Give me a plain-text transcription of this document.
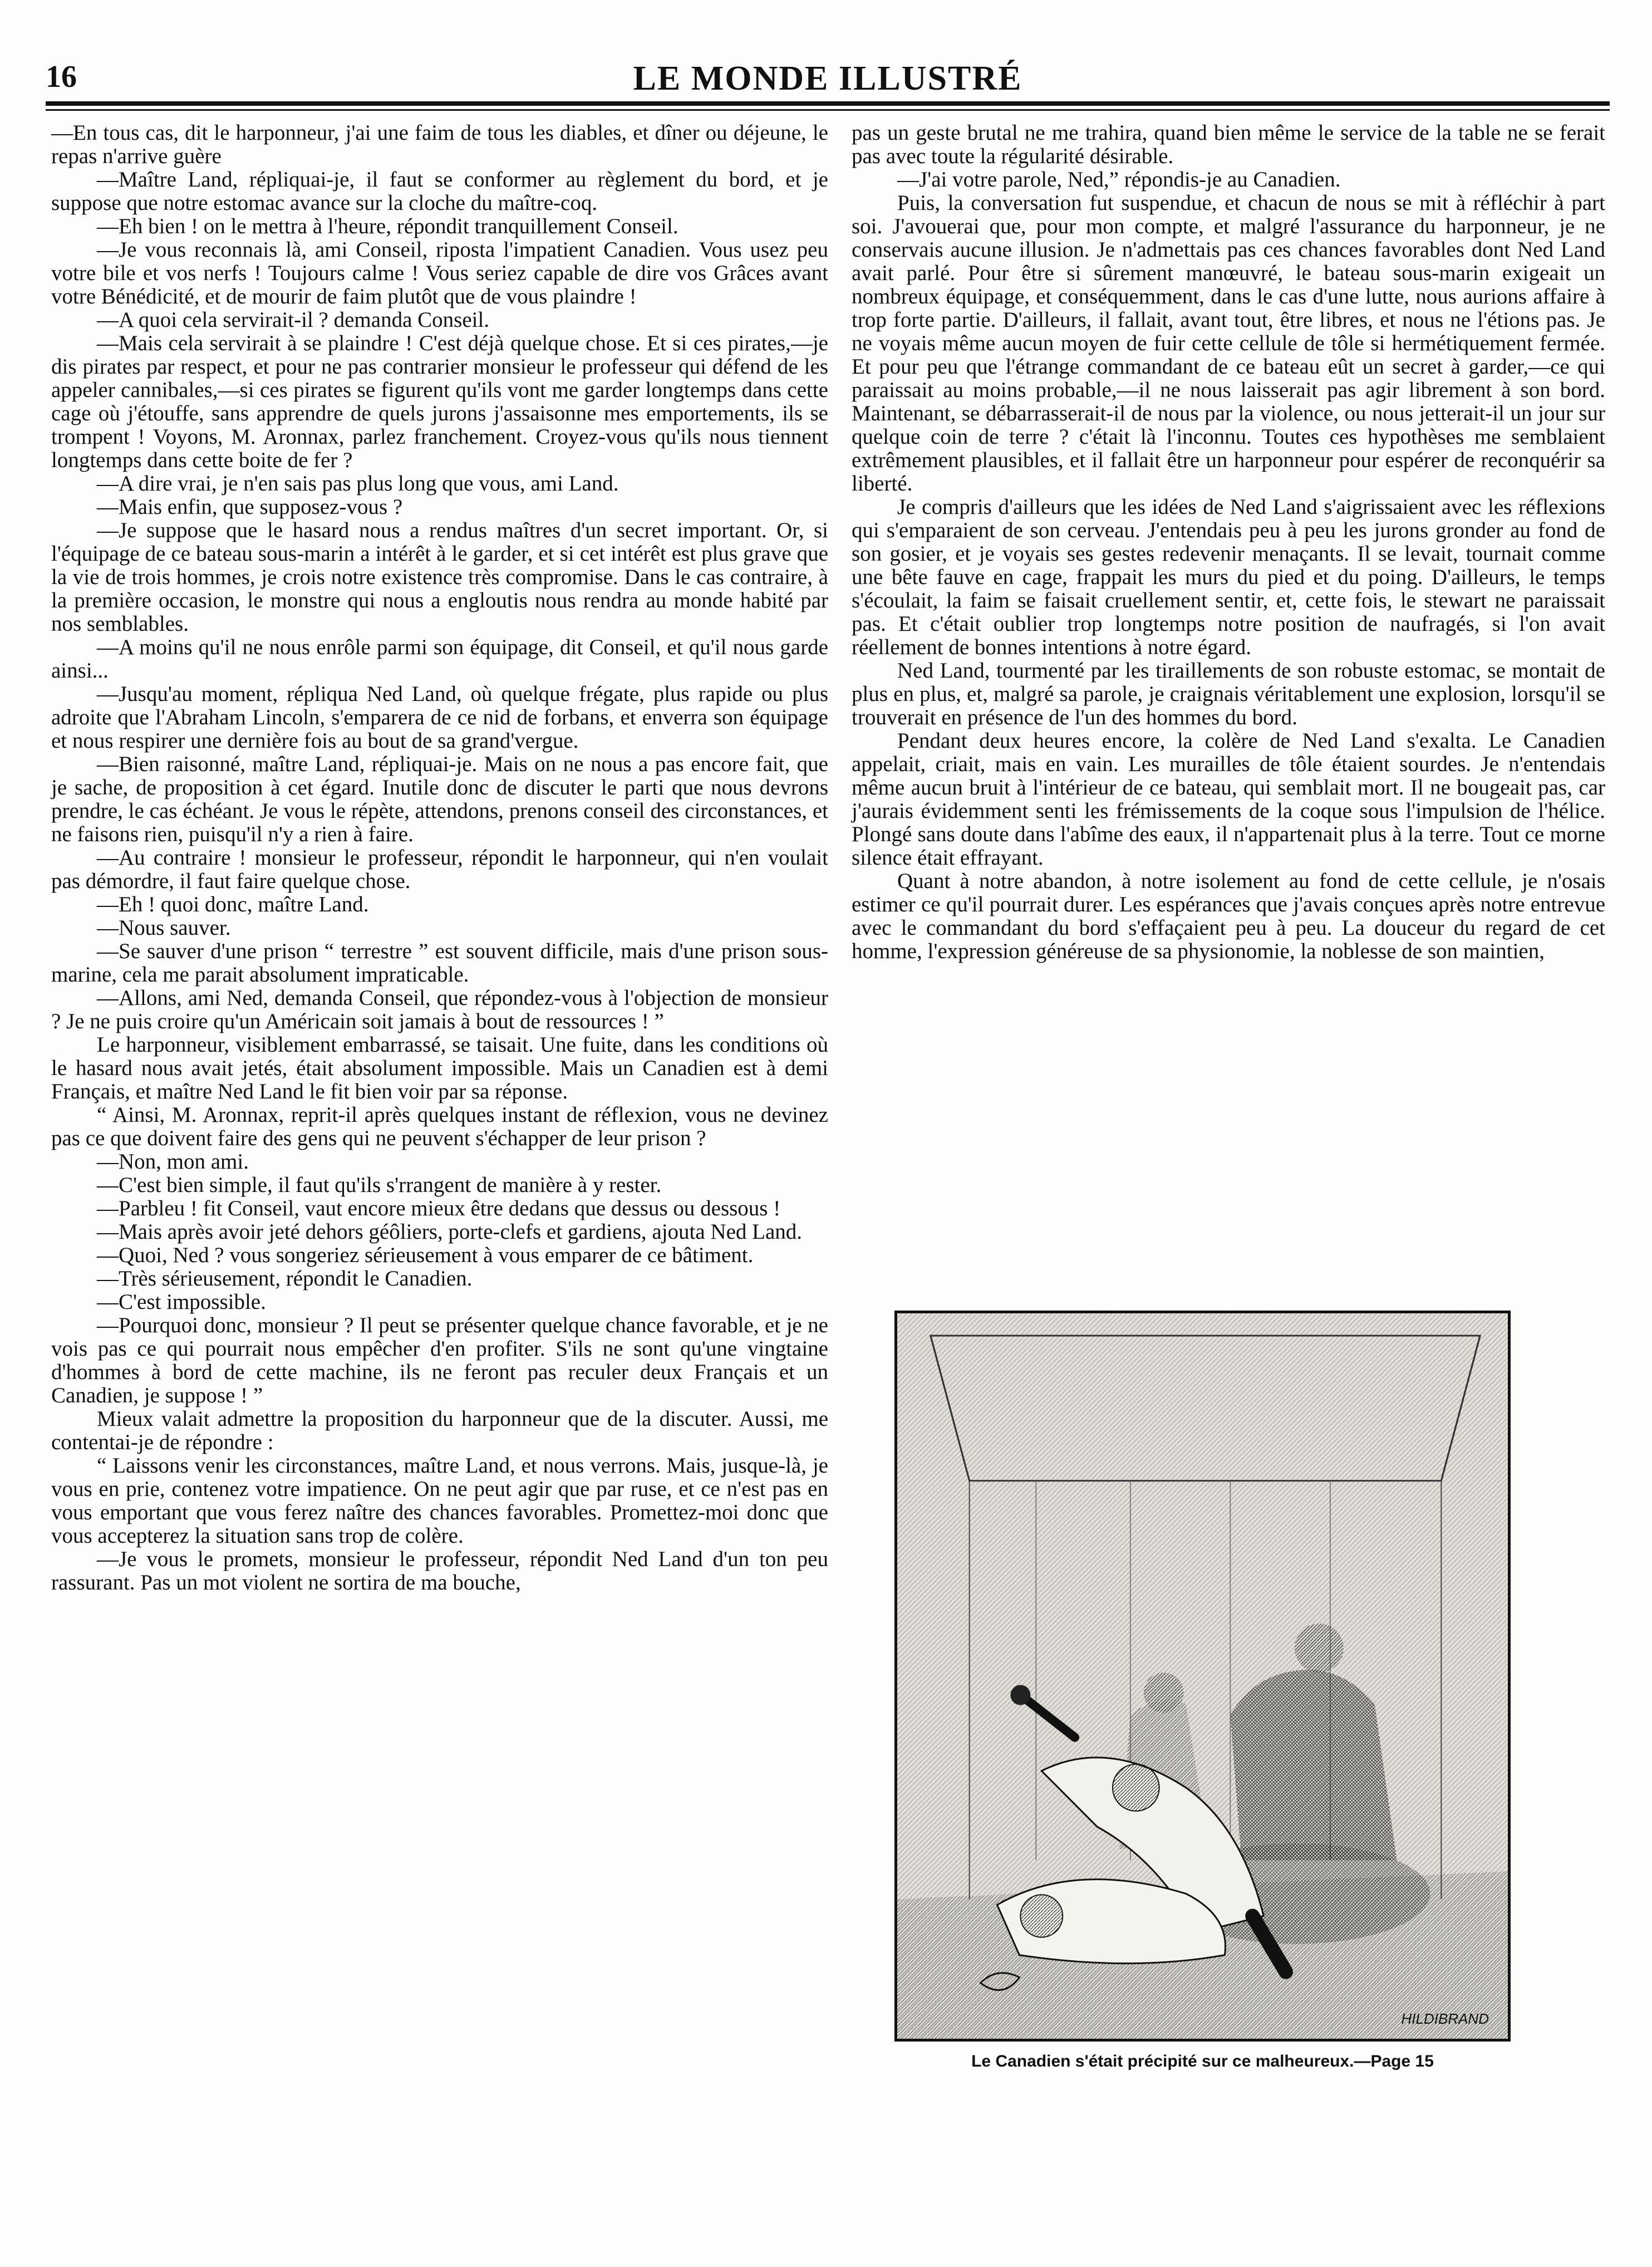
16	LE MONDE ILLUSTRÉ

—En tous cas, dit le harponneur, j'ai une faim de tous les diables, et dîner ou déjeune, le repas n'arrive guère

—Maître Land, répliquai-je, il faut se conformer au règlement du bord, et je suppose que notre estomac avance sur la cloche du maître-coq.

—Eh bien ! on le mettra à l'heure, répondit tranquillement Conseil.

—Je vous reconnais là, ami Conseil, riposta l'impatient Canadien. Vous usez peu votre bile et vos nerfs ! Toujours calme ! Vous seriez capable de dire vos Grâces avant votre Bénédicité, et de mourir de faim plutôt que de vous plaindre !

—A quoi cela servirait-il ? demanda Conseil.

—Mais cela servirait à se plaindre ! C'est déjà quelque chose. Et si ces pirates,—je dis pirates par respect, et pour ne pas contrarier monsieur le professeur qui défend de les appeler cannibales,—si ces pirates se figurent qu'ils vont me garder longtemps dans cette cage où j'étouffe, sans apprendre de quels jurons j'assaisonne mes emportements, ils se trompent ! Voyons, M. Aronnax, parlez franchement. Croyez-vous qu'ils nous tiennent longtemps dans cette boite de fer ?

—A dire vrai, je n'en sais pas plus long que vous, ami Land.

—Mais enfin, que supposez-vous ?

—Je suppose que le hasard nous a rendus maîtres d'un secret important. Or, si l'équipage de ce bateau sous-marin a intérêt à le garder, et si cet intérêt est plus grave que la vie de trois hommes, je crois notre existence très compromise. Dans le cas contraire, à la première occasion, le monstre qui nous a engloutis nous rendra au monde habité par nos semblables.

—A moins qu'il ne nous enrôle parmi son équipage, dit Conseil, et qu'il nous garde ainsi...

—Jusqu'au moment, répliqua Ned Land, où quelque frégate, plus rapide ou plus adroite que l'Abraham Lincoln, s'emparera de ce nid de forbans, et enverra son équipage et nous respirer une dernière fois au bout de sa grand'vergue.

—Bien raisonné, maître Land, répliquai-je. Mais on ne nous a pas encore fait, que je sache, de proposition à cet égard. Inutile donc de discuter le parti que nous devrons prendre, le cas échéant. Je vous le répète, attendons, prenons conseil des circonstances, et ne faisons rien, puisqu'il n'y a rien à faire.

—Au contraire ! monsieur le professeur, répondit le harponneur, qui n'en voulait pas démordre, il faut faire quelque chose.

—Eh ! quoi donc, maître Land.

—Nous sauver.

—Se sauver d'une prison “ terrestre ” est souvent difficile, mais d'une prison sous-marine, cela me parait absolument impraticable.

—Allons, ami Ned, demanda Conseil, que répondez-vous à l'objection de monsieur ? Je ne puis croire qu'un Américain soit jamais à bout de ressources ! ”

Le harponneur, visiblement embarrassé, se taisait. Une fuite, dans les conditions où le hasard nous avait jetés, était absolument impossible. Mais un Canadien est à demi Français, et maître Ned Land le fit bien voir par sa réponse.

“ Ainsi, M. Aronnax, reprit-il après quelques instant de réflexion, vous ne devinez pas ce que doivent faire des gens qui ne peuvent s'échapper de leur prison ?

—Non, mon ami.

—C'est bien simple, il faut qu'ils s'rrangent de manière à y rester.

—Parbleu ! fit Conseil, vaut encore mieux être dedans que dessus ou dessous !

—Mais après avoir jeté dehors géôliers, porte-clefs et gardiens, ajouta Ned Land.

—Quoi, Ned ? vous songeriez sérieusement à vous emparer de ce bâtiment.

—Très sérieusement, répondit le Canadien.

—C'est impossible.

—Pourquoi donc, monsieur ? Il peut se présenter quelque chance favorable, et je ne vois pas ce qui pourrait nous empêcher d'en profiter. S'ils ne sont qu'une vingtaine d'hommes à bord de cette machine, ils ne feront pas reculer deux Français et un Canadien, je suppose ! ”

Mieux valait admettre la proposition du harponneur que de la discuter. Aussi, me contentai-je de répondre :

“ Laissons venir les circonstances, maître Land, et nous verrons. Mais, jusque-là, je vous en prie, contenez votre impatience. On ne peut agir que par ruse, et ce n'est pas en vous emportant que vous ferez naître des chances favorables. Promettez-moi donc que vous accepterez la situation sans trop de colère.

—Je vous le promets, monsieur le professeur, répondit Ned Land d'un ton peu rassurant. Pas un mot violent ne sortira de ma bouche,

pas un geste brutal ne me trahira, quand bien même le service de la table ne se ferait pas avec toute la régularité désirable.

—J'ai votre parole, Ned,” répondis-je au Canadien.

Puis, la conversation fut suspendue, et chacun de nous se mit à réfléchir à part soi. J'avouerai que, pour mon compte, et malgré l'assurance du harponneur, je ne conservais aucune illusion. Je n'admettais pas ces chances favorables dont Ned Land avait parlé. Pour être si sûrement manœuvré, le bateau sous-marin exigeait un nombreux équipage, et conséquemment, dans le cas d'une lutte, nous aurions affaire à trop forte partie. D'ailleurs, il fallait, avant tout, être libres, et nous ne l'étions pas. Je ne voyais même aucun moyen de fuir cette cellule de tôle si hermétiquement fermée. Et pour peu que l'étrange commandant de ce bateau eût un secret à garder,—ce qui paraissait au moins probable,—il ne nous laisserait pas agir librement à son bord. Maintenant, se débarrasserait-il de nous par la violence, ou nous jetterait-il un jour sur quelque coin de terre ? c'était là l'inconnu. Toutes ces hypothèses me semblaient extrêmement plausibles, et il fallait être un harponneur pour espérer de reconquérir sa liberté.

Je compris d'ailleurs que les idées de Ned Land s'aigrissaient avec les réflexions qui s'emparaient de son cerveau. J'entendais peu à peu les jurons gronder au fond de son gosier, et je voyais ses gestes redevenir menaçants. Il se levait, tournait comme une bête fauve en cage, frappait les murs du pied et du poing. D'ailleurs, le temps s'écoulait, la faim se faisait cruellement sentir, et, cette fois, le stewart ne paraissait pas. Et c'était oublier trop longtemps notre position de naufragés, si l'on avait réellement de bonnes intentions à notre égard.

Ned Land, tourmenté par les tiraillements de son robuste estomac, se montait de plus en plus, et, malgré sa parole, je craignais véritablement une explosion, lorsqu'il se trouverait en présence de l'un des hommes du bord.

Pendant deux heures encore, la colère de Ned Land s'exalta. Le Canadien appelait, criait, mais en vain. Les murailles de tôle étaient sourdes. Je n'entendais même aucun bruit à l'intérieur de ce bateau, qui semblait mort. Il ne bougeait pas, car j'aurais évidemment senti les frémissements de la coque sous l'impulsion de l'hélice. Plongé sans doute dans l'abîme des eaux, il n'appartenait plus à la terre. Tout ce morne silence était effrayant.

Quant à notre abandon, à notre isolement au fond de cette cellule, je n'osais estimer ce qu'il pourrait durer. Les espérances que j'avais conçues après notre entrevue avec le commandant du bord s'effaçaient peu à peu. La douceur du regard de cet homme, l'expression généreuse de sa physionomie, la noblesse de son maintien,

HILDIBRAND
Le Canadien s'était précipité sur ce malheureux.—Page 15
